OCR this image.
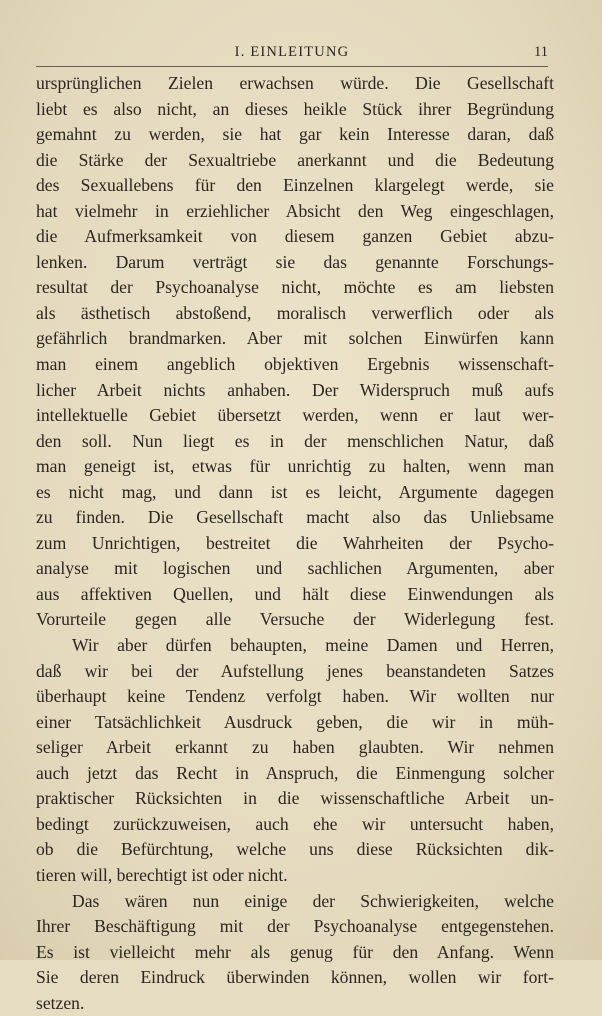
I. EINLEITUNG	11
ursprünglichen Zielen erwachsen würde. Die Gesellschaft
liebt es also nicht, an dieses heikle Stück ihrer Begründung
gemahnt zu werden, sie hat gar kein Interesse daran, daß
die Stärke der Sexualtriebe anerkannt und die Bedeutung
des Sexuallebens für den Einzelnen klargelegt werde, sie
hat vielmehr in erziehlicher Absicht den Weg eingeschlagen,
die Aufmerksamkeit von diesem ganzen Gebiet abzu-
lenken. Darum verträgt sie das genannte Forschungs-
resultat der Psychoanalyse nicht, möchte es am liebsten
als ästhetisch abstoßend, moralisch verwerflich oder als
gefährlich brandmarken. Aber mit solchen Einwürfen kann
man einem angeblich objektiven Ergebnis wissenschaft-
licher Arbeit nichts anhaben. Der Widerspruch muß aufs
intellektuelle Gebiet übersetzt werden, wenn er laut wer-
den soll. Nun liegt es in der menschlichen Natur, daß
man geneigt ist, etwas für unrichtig zu halten, wenn man
es nicht mag, und dann ist es leicht, Argumente dagegen
zu finden. Die Gesellschaft macht also das Unliebsame
zum Unrichtigen, bestreitet die Wahrheiten der Psycho-
analyse mit logischen und sachlichen Argumenten, aber
aus affektiven Quellen, und hält diese Einwendungen als
Vorurteile gegen alle Versuche der Widerlegung fest.
Wir aber dürfen behaupten, meine Damen und Herren,
daß wir bei der Aufstellung jenes beanstandeten Satzes
überhaupt keine Tendenz verfolgt haben. Wir wollten nur
einer Tatsächlichkeit Ausdruck geben, die wir in müh-
seliger Arbeit erkannt zu haben glaubten. Wir nehmen
auch jetzt das Recht in Anspruch, die Einmengung solcher
praktischer Rücksichten in die wissenschaftliche Arbeit un-
bedingt zurückzuweisen, auch ehe wir untersucht haben,
ob die Befürchtung, welche uns diese Rücksichten dik-
tieren will, berechtigt ist oder nicht.
Das wären nun einige der Schwierigkeiten, welche
Ihrer Beschäftigung mit der Psychoanalyse entgegenstehen.
Es ist vielleicht mehr als genug für den Anfang. Wenn
Sie deren Eindruck überwinden können, wollen wir fort-
setzen.
